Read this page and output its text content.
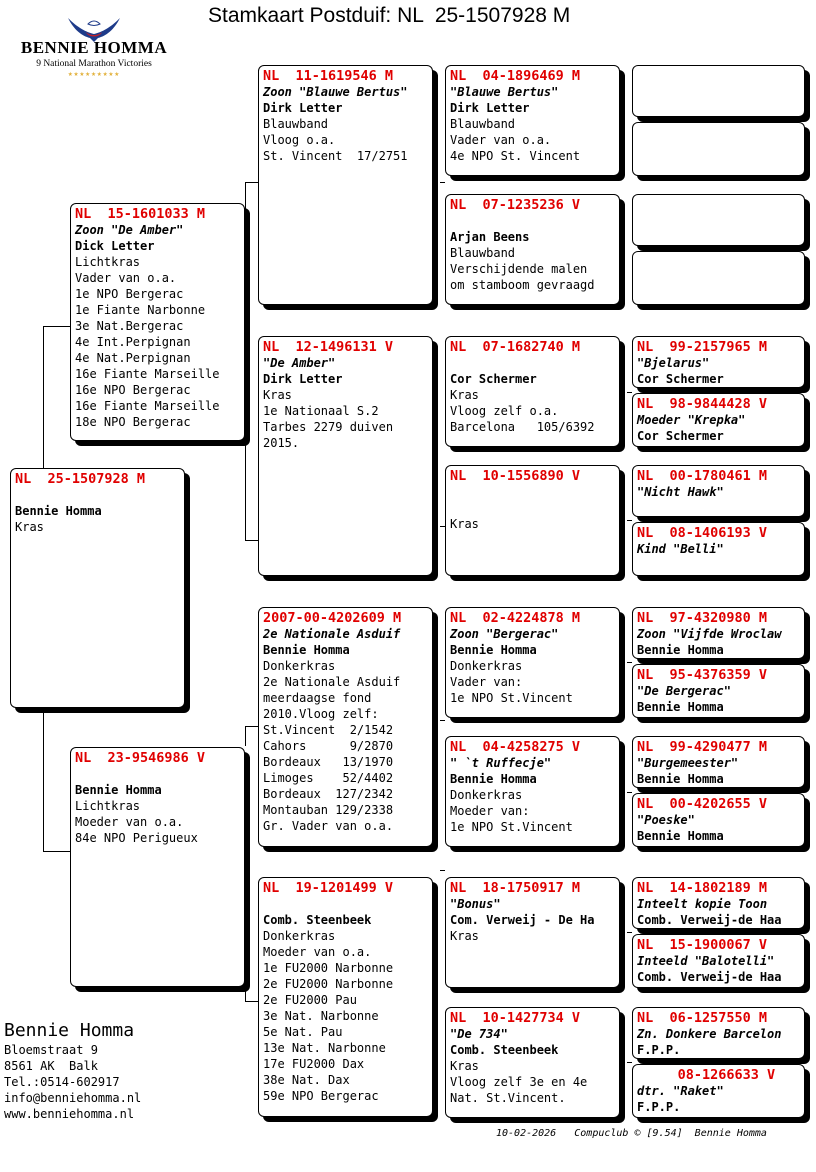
Stamkaart Postduif: NL  25-1507928 M
BENNIE HOMMA
9 National Marathon Victories
★★★★★★★★★
NL  25-1507928 M
Bennie Homma
Kras
NL  15-1601033 M
Zoon "De Amber"
Dick Letter
Lichtkras
Vader van o.a.
1e NPO Bergerac
1e Fiante Narbonne
3e Nat.Bergerac
4e Int.Perpignan
4e Nat.Perpignan
16e Fiante Marseille
16e NPO Bergerac
16e Fiante Marseille
18e NPO Bergerac
NL  23-9546986 V
Bennie Homma
Lichtkras
Moeder van o.a.
84e NPO Perigueux
NL  11-1619546 M
Zoon "Blauwe Bertus"
Dirk Letter
Blauwband
Vloog o.a.
St. Vincent  17/2751
NL  12-1496131 V
"De Amber"
Dirk Letter
Kras
1e Nationaal S.2
Tarbes 2279 duiven
2015.
2007-00-4202609 M
2e Nationale Asduif
Bennie Homma
Donkerkras
2e Nationale Asduif
meerdaagse fond
2010.Vloog zelf:
St.Vincent  2/1542
Cahors      9/2870
Bordeaux   13/1970
Limoges    52/4402
Bordeaux  127/2342
Montauban 129/2338
Gr. Vader van o.a.
NL  19-1201499 V
Comb. Steenbeek
Donkerkras
Moeder van o.a.
1e FU2000 Narbonne
2e FU2000 Narbonne
2e FU2000 Pau
3e Nat. Narbonne
5e Nat. Pau
13e Nat. Narbonne
17e FU2000 Dax
38e Nat. Dax
59e NPO Bergerac
NL  04-1896469 M
"Blauwe Bertus"
Dirk Letter
Blauwband
Vader van o.a.
4e NPO St. Vincent
NL  07-1235236 V
Arjan Beens
Blauwband
Verschijdende malen
om stamboom gevraagd
NL  07-1682740 M
Cor Schermer
Kras
Vloog zelf o.a.
Barcelona   105/6392
NL  10-1556890 V
Kras
NL  02-4224878 M
Zoon "Bergerac"
Bennie Homma
Donkerkras
Vader van:
1e NPO St.Vincent
NL  04-4258275 V
" `t Ruffecje"
Bennie Homma
Donkerkras
Moeder van:
1e NPO St.Vincent
NL  18-1750917 M
"Bonus"
Com. Verweij - De Ha
Kras
NL  10-1427734 V
"De 734"
Comb. Steenbeek
Kras
Vloog zelf 3e en 4e
Nat. St.Vincent.
NL  99-2157965 M
"Bjelarus"
Cor Schermer
NL  98-9844428 V
Moeder "Krepka"
Cor Schermer
NL  00-1780461 M
"Nicht Hawk"
NL  08-1406193 V
Kind "Belli"
NL  97-4320980 M
Zoon "Vijfde Wroclaw
Bennie Homma
NL  95-4376359 V
"De Bergerac"
Bennie Homma
NL  99-4290477 M
"Burgemeester"
Bennie Homma
NL  00-4202655 V
"Poeske"
Bennie Homma
NL  14-1802189 M
Inteelt kopie Toon
Comb. Verweij-de Haa
NL  15-1900067 V
Inteeld "Balotelli"
Comb. Verweij-de Haa
NL  06-1257550 M
Zn. Donkere Barcelon
F.P.P.
08-1266633 V
dtr. "Raket"
F.P.P.
Bennie Homma
Bloemstraat 9
8561 AK  Balk
Tel.:0514-602917
info@benniehomma.nl
www.benniehomma.nl
10-02-2026   Compuclub © [9.54]  Bennie Homma
